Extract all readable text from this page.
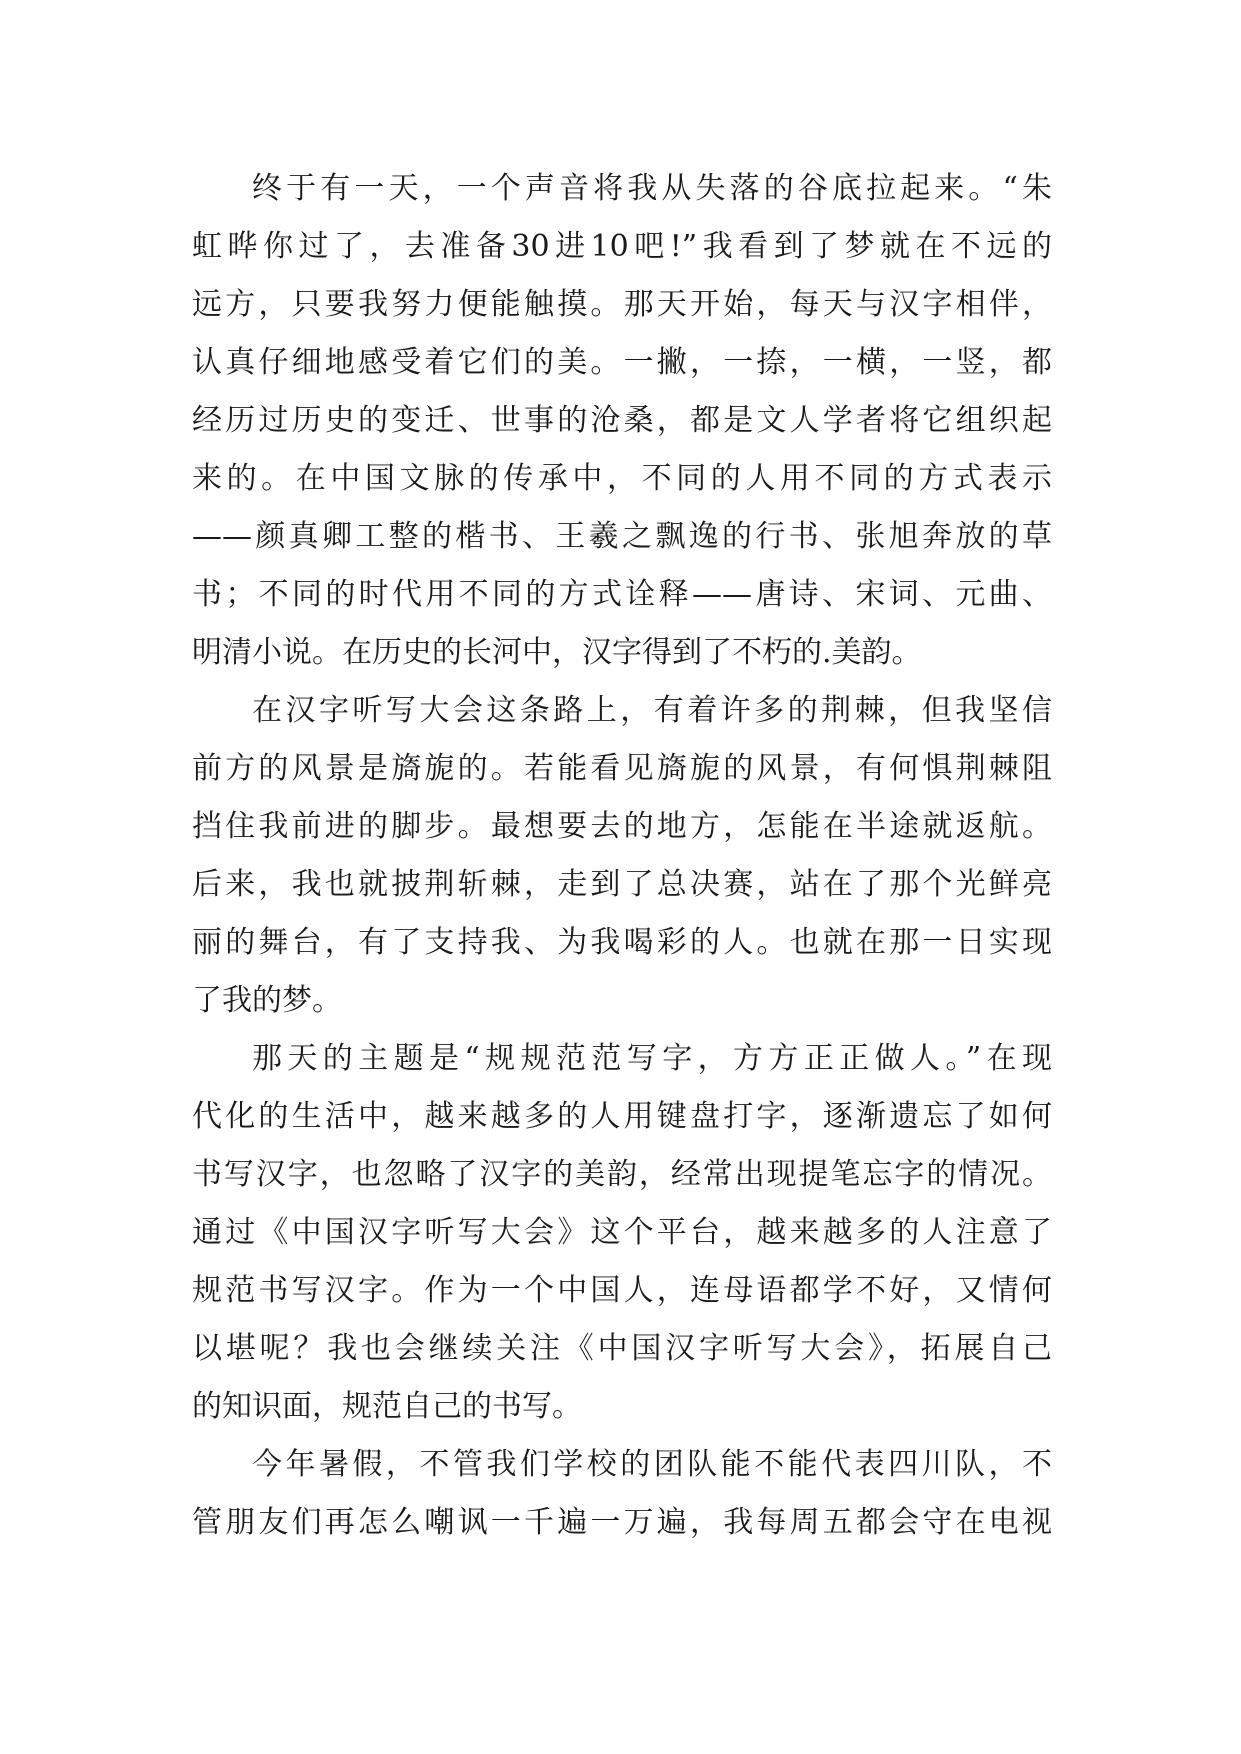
终于有一天，一个声音将我从失落的谷底拉起来。“朱
虹晔你过了，去准备30进10吧!”我看到了梦就在不远的
远方，只要我努力便能触摸。那天开始，每天与汉字相伴，
认真仔细地感受着它们的美。一撇，一捺，一横，一竖，都
经历过历史的变迁、世事的沧桑，都是文人学者将它组织起
来的。在中国文脉的传承中，不同的人用不同的方式表示
——颜真卿工整的楷书、王羲之飘逸的行书、张旭奔放的草
书；不同的时代用不同的方式诠释——唐诗、宋词、元曲、
明清小说。在历史的长河中，汉字得到了不朽的.美韵。
在汉字听写大会这条路上，有着许多的荆棘，但我坚信
前方的风景是旖旎的。若能看见旖旎的风景，有何惧荆棘阻
挡住我前进的脚步。最想要去的地方，怎能在半途就返航。
后来，我也就披荆斩棘，走到了总决赛，站在了那个光鲜亮
丽的舞台，有了支持我、为我喝彩的人。也就在那一日实现
了我的梦。
那天的主题是“规规范范写字，方方正正做人。”在现
代化的生活中，越来越多的人用键盘打字，逐渐遗忘了如何
书写汉字，也忽略了汉字的美韵，经常出现提笔忘字的情况。
通过《中国汉字听写大会》这个平台，越来越多的人注意了
规范书写汉字。作为一个中国人，连母语都学不好，又情何
以堪呢？我也会继续关注《中国汉字听写大会》，拓展自己
的知识面，规范自己的书写。
今年暑假，不管我们学校的团队能不能代表四川队，不
管朋友们再怎么嘲讽一千遍一万遍，我每周五都会守在电视
